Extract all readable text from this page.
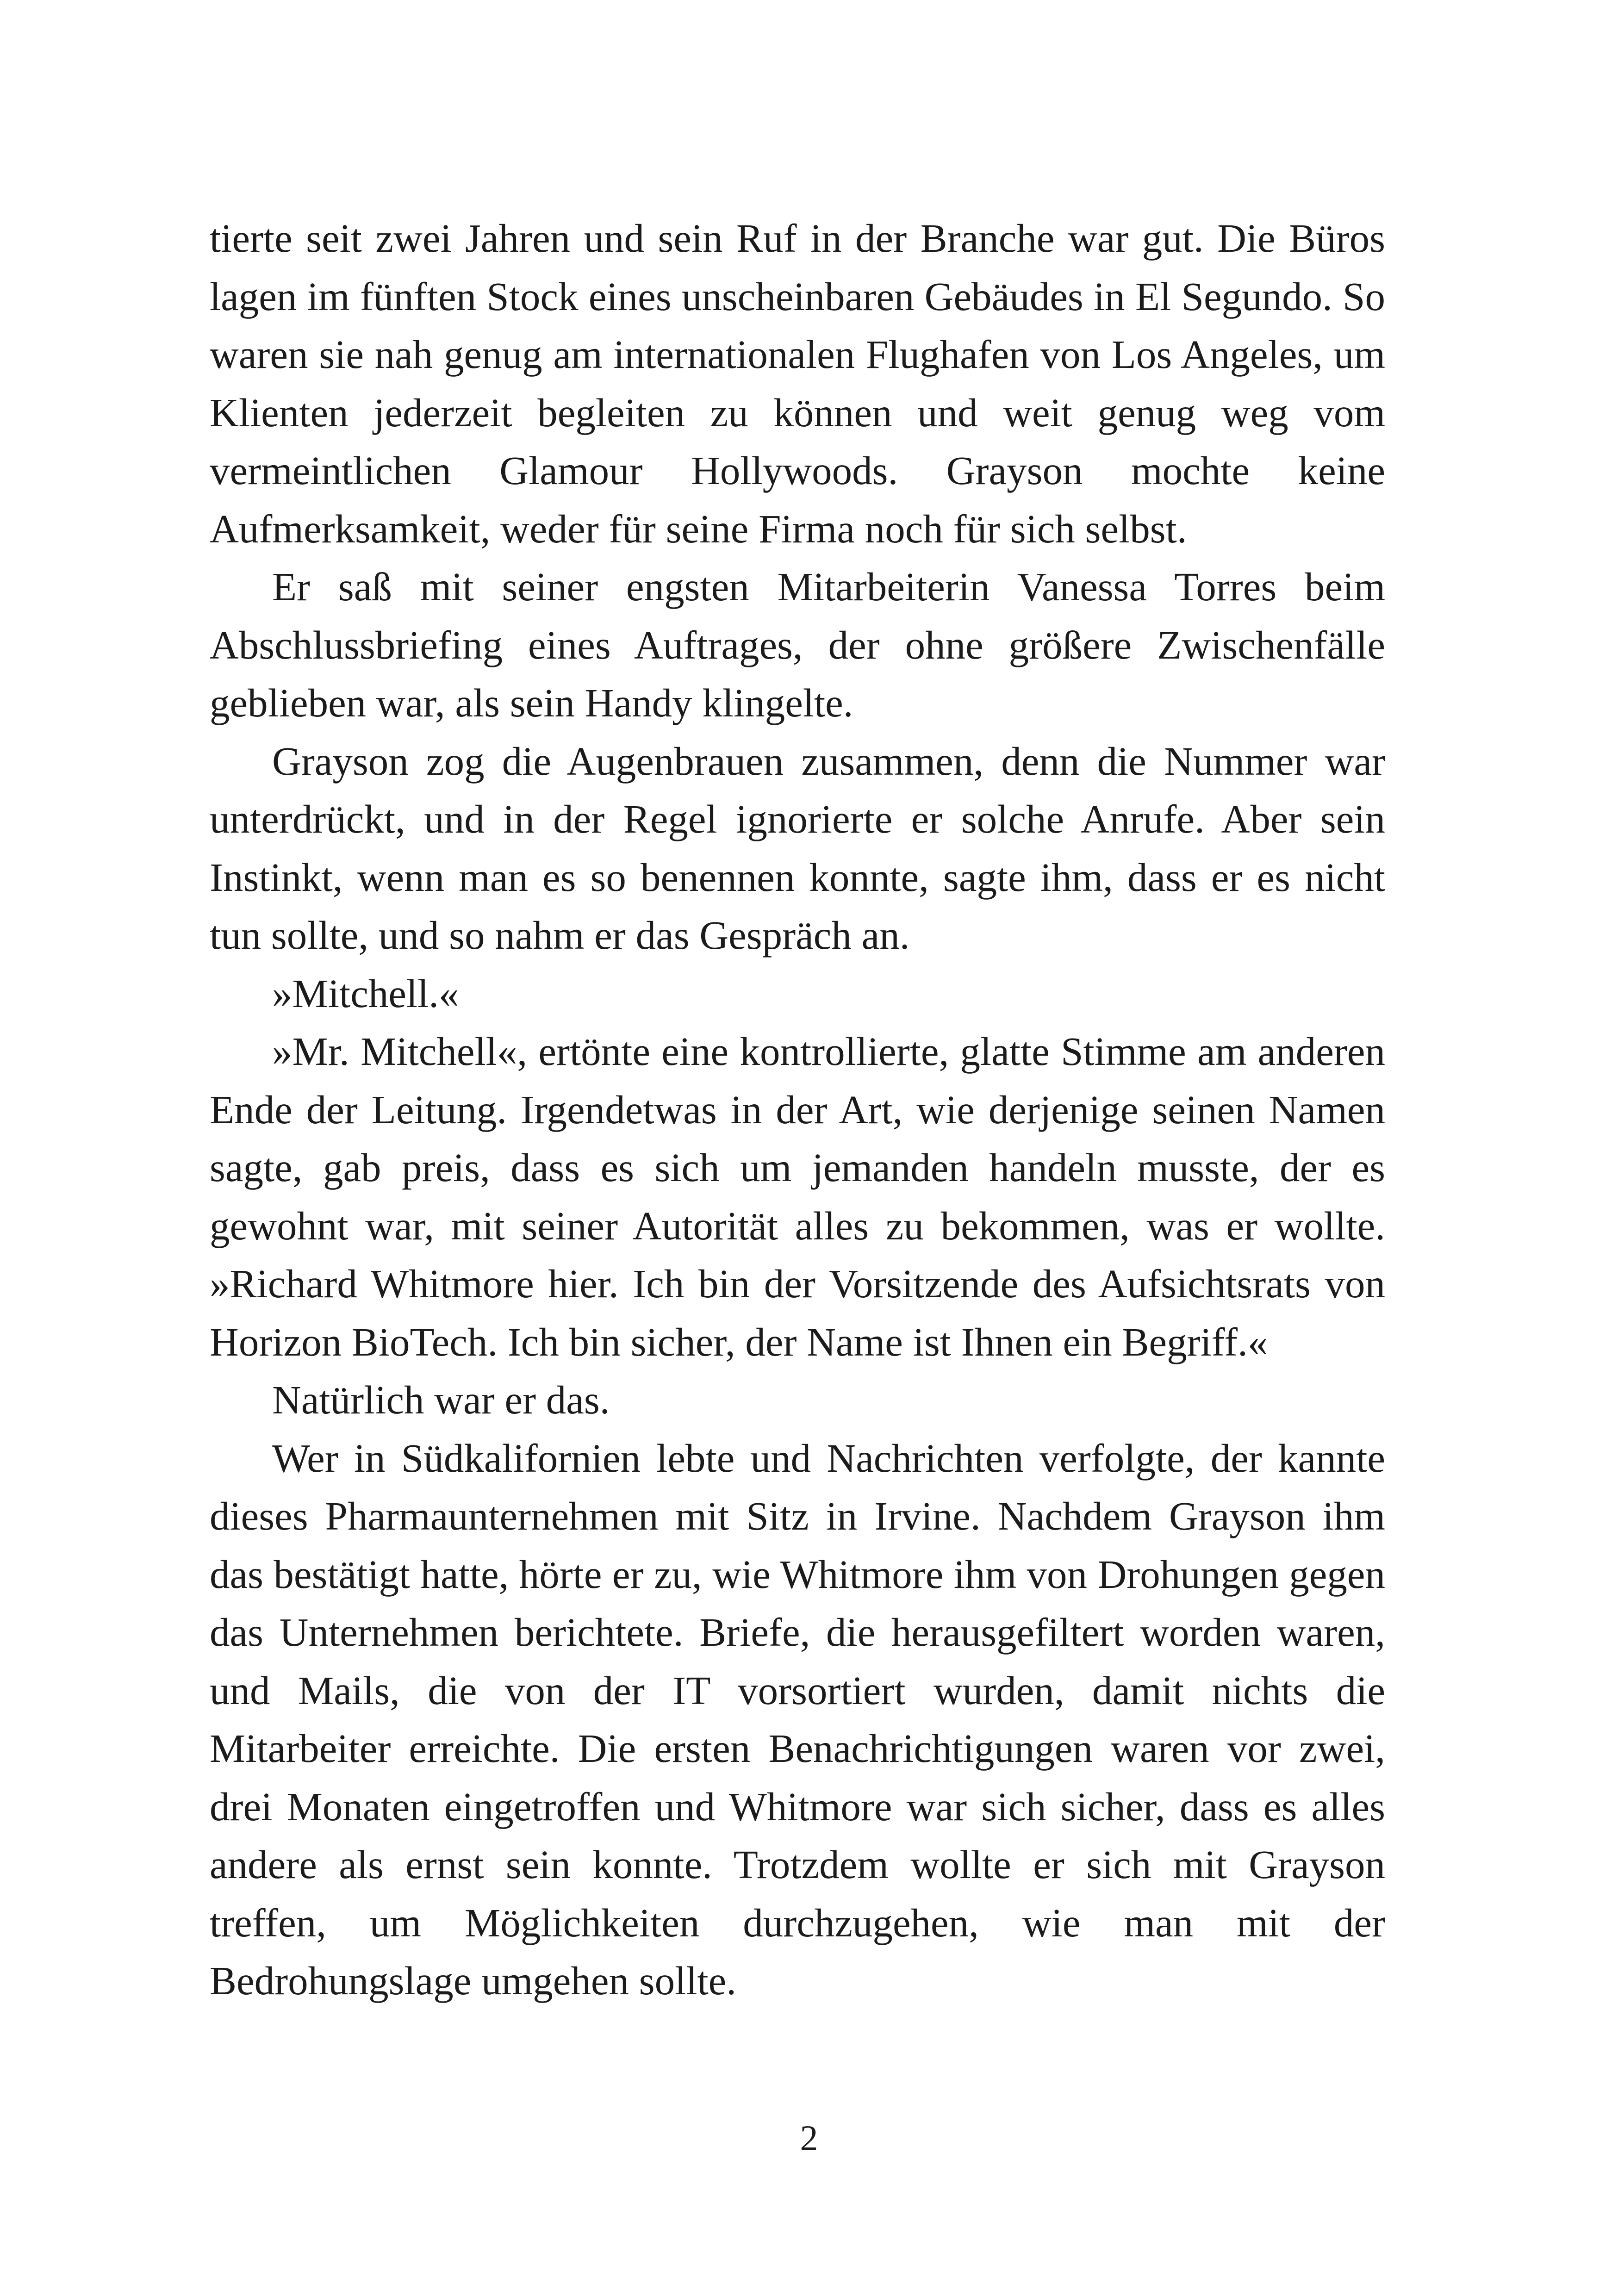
tierte seit zwei Jahren und sein Ruf in der Branche war gut. Die Büros lagen im fünften Stock eines unscheinbaren Gebäudes in El Segundo. So waren sie nah genug am internationalen Flughafen von Los Angeles, um Klienten jederzeit begleiten zu können und weit genug weg vom vermeintlichen Glamour Hollywoods. Grayson mochte keine Aufmerksamkeit, weder für seine Firma noch für sich selbst.

Er saß mit seiner engsten Mitarbeiterin Vanessa Torres beim Abschlussbriefing eines Auftrages, der ohne größere Zwischenfälle geblieben war, als sein Handy klingelte.

Grayson zog die Augenbrauen zusammen, denn die Nummer war unterdrückt, und in der Regel ignorierte er solche Anrufe. Aber sein Instinkt, wenn man es so benennen konnte, sagte ihm, dass er es nicht tun sollte, und so nahm er das Gespräch an.

»Mitchell.«

»Mr. Mitchell«, ertönte eine kontrollierte, glatte Stimme am anderen Ende der Leitung. Irgendetwas in der Art, wie derjenige seinen Namen sagte, gab preis, dass es sich um jemanden handeln musste, der es gewohnt war, mit seiner Autorität alles zu bekommen, was er wollte. »Richard Whitmore hier. Ich bin der Vorsitzende des Aufsichtsrats von Horizon BioTech. Ich bin sicher, der Name ist Ihnen ein Begriff.«

Natürlich war er das.

Wer in Südkalifornien lebte und Nachrichten verfolgte, der kannte dieses Pharmaunternehmen mit Sitz in Irvine. Nachdem Grayson ihm das bestätigt hatte, hörte er zu, wie Whitmore ihm von Drohungen gegen das Unternehmen berichtete. Briefe, die herausgefiltert worden waren, und Mails, die von der IT vorsortiert wurden, damit nichts die Mitarbeiter erreichte. Die ersten Benachrichtigungen waren vor zwei, drei Monaten eingetroffen und Whitmore war sich sicher, dass es alles andere als ernst sein konnte. Trotzdem wollte er sich mit Grayson treffen, um Möglichkeiten durchzugehen, wie man mit der Bedrohungslage umgehen sollte.

2
